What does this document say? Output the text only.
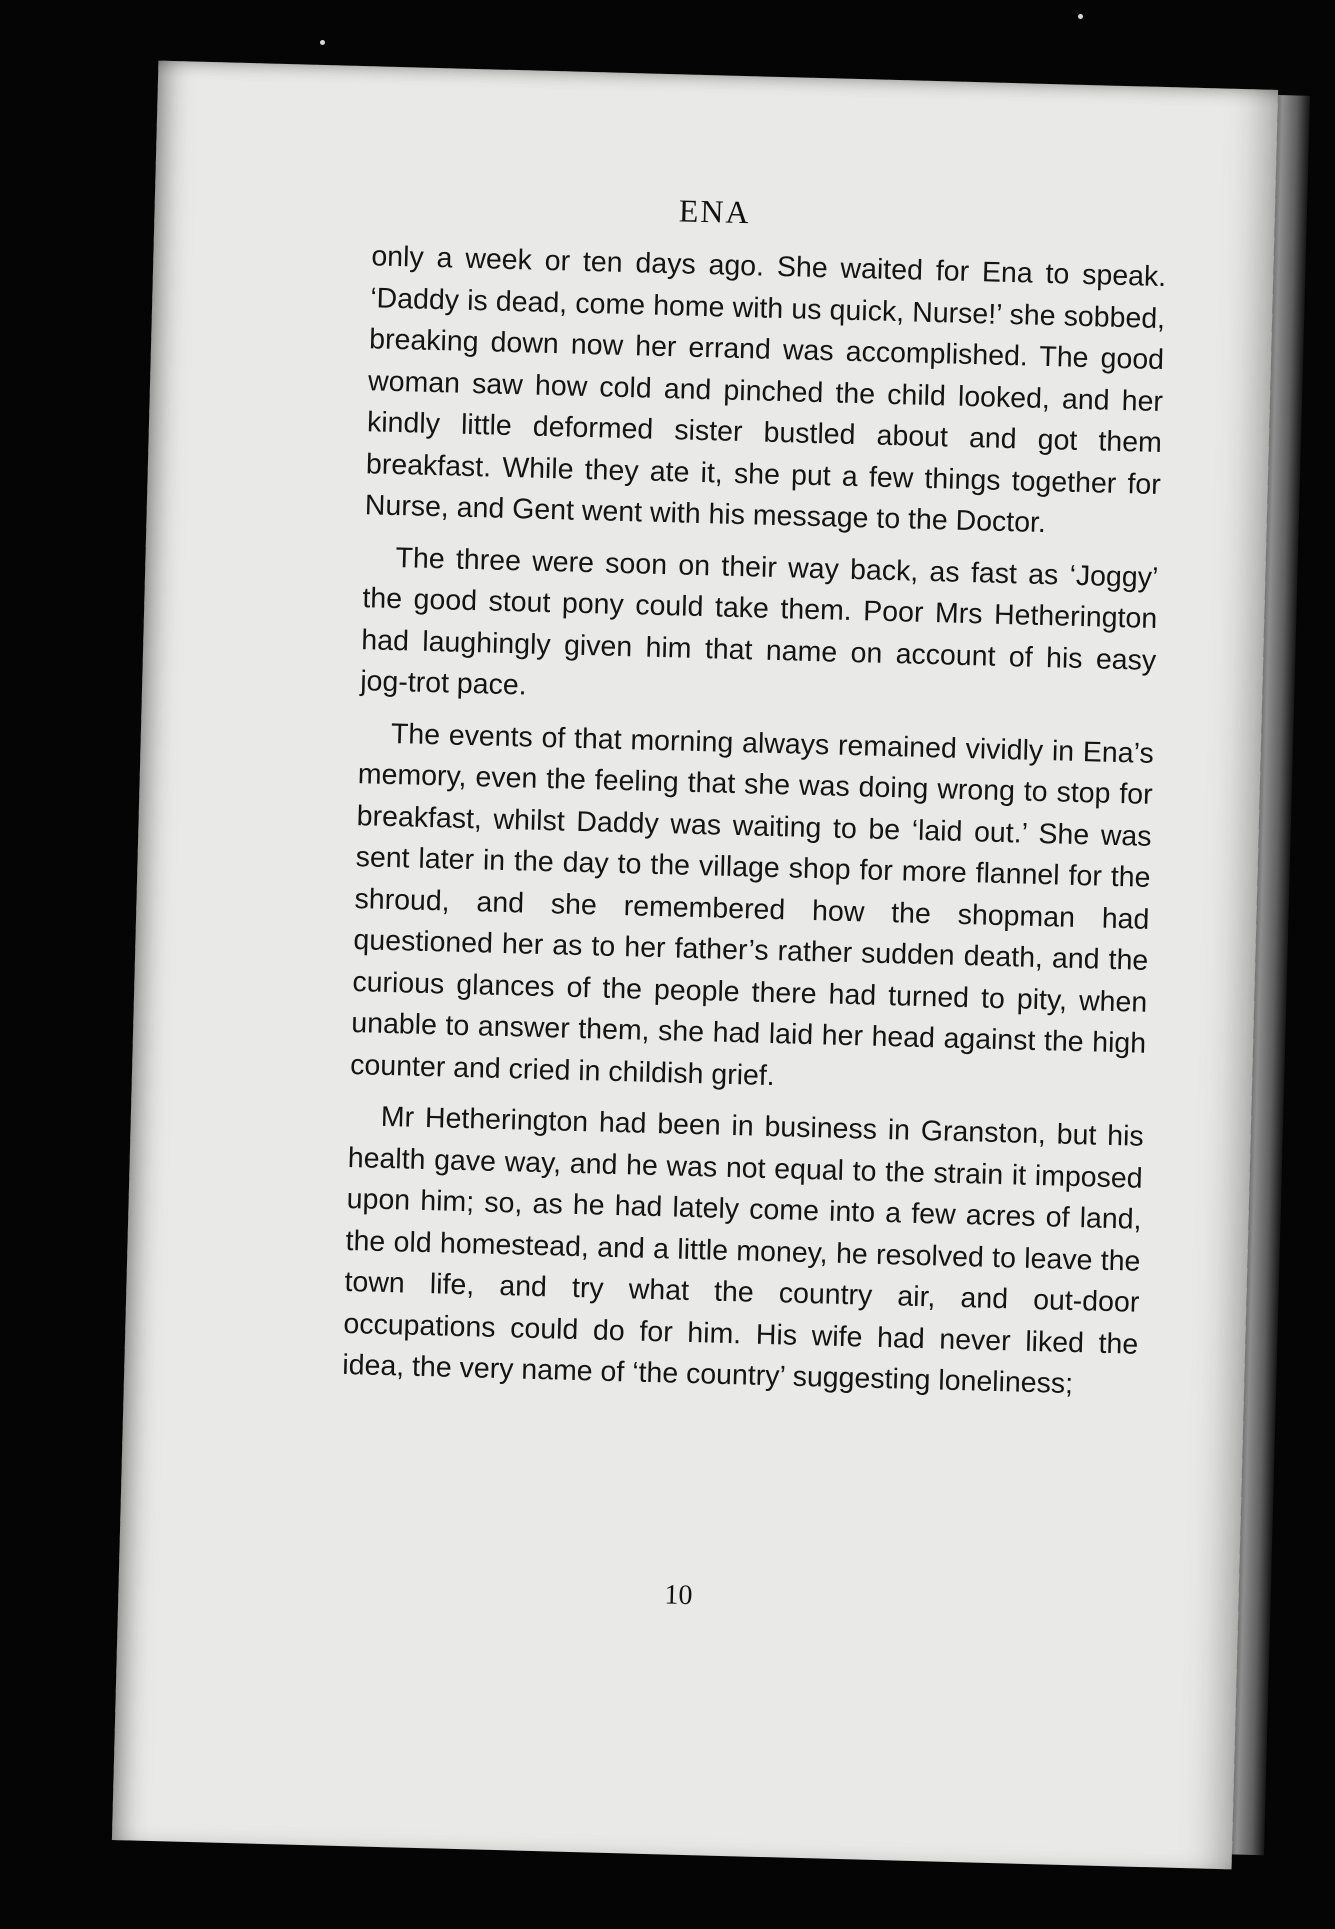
ENA

only a week or ten days ago. She waited for Ena to speak. ‘Daddy is dead, come home with us quick, Nurse!’ she sobbed, breaking down now her errand was accomplished. The good woman saw how cold and pinched the child looked, and her kindly little deformed sister bustled about and got them breakfast. While they ate it, she put a few things together for Nurse, and Gent went with his message to the Doctor.

The three were soon on their way back, as fast as ‘Joggy’ the good stout pony could take them. Poor Mrs Hetherington had laughingly given him that name on account of his easy jog-trot pace.

The events of that morning always remained vividly in Ena’s memory, even the feeling that she was doing wrong to stop for breakfast, whilst Daddy was waiting to be ‘laid out.’ She was sent later in the day to the village shop for more flannel for the shroud, and she remembered how the shopman had questioned her as to her father’s rather sudden death, and the curious glances of the people there had turned to pity, when unable to answer them, she had laid her head against the high counter and cried in childish grief.

Mr Hetherington had been in business in Granston, but his health gave way, and he was not equal to the strain it imposed upon him; so, as he had lately come into a few acres of land, the old homestead, and a little money, he resolved to leave the town life, and try what the country air, and out-door occupations could do for him. His wife had never liked the idea, the very name of ‘the country’ suggesting loneliness;

10
